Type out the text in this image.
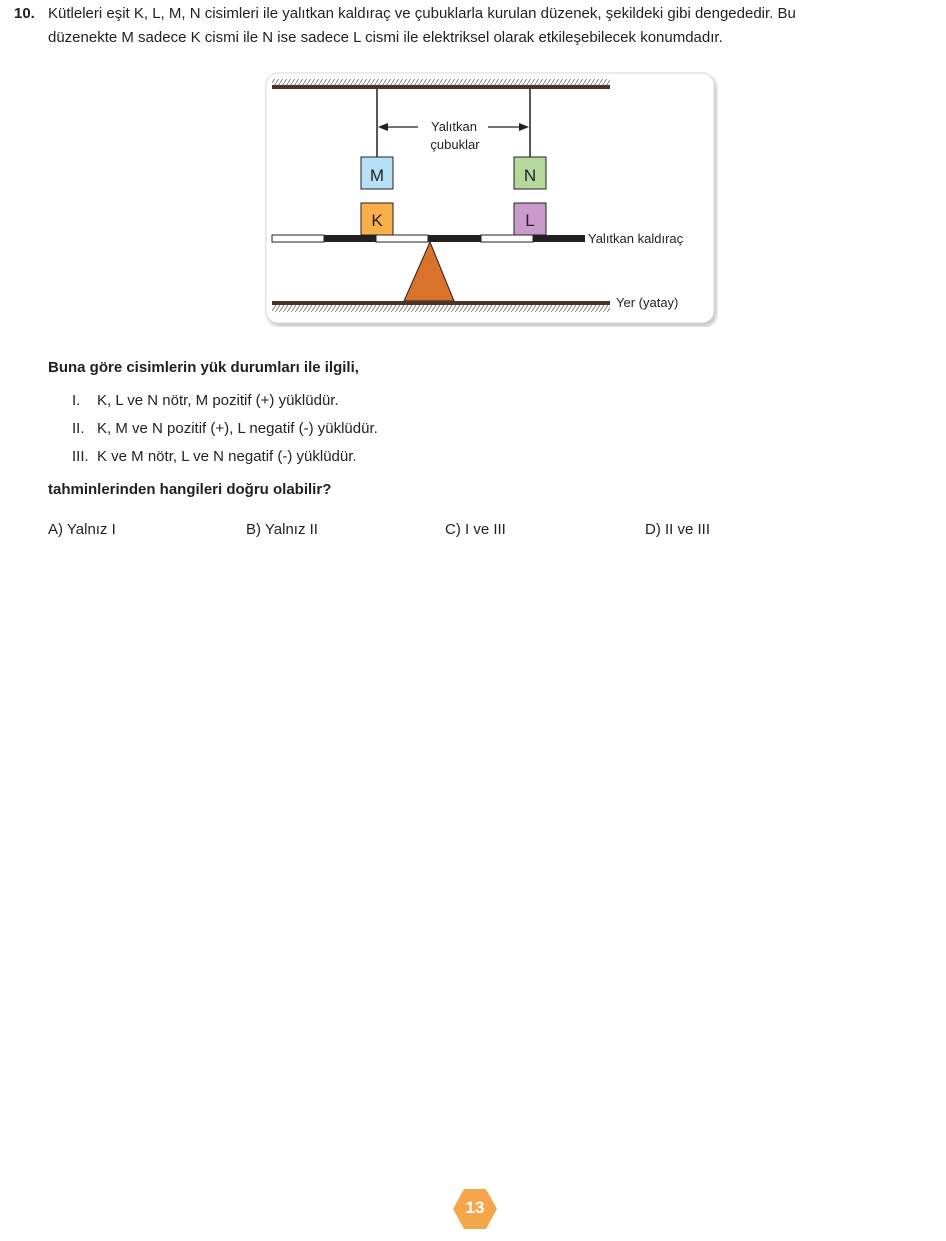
10. Kütleleri eşit K, L, M, N cisimleri ile yalıtkan kaldıraç ve çubuklarla kurulan düzenek, şekildeki gibi dengededir. Bu
düzenekte M sadece K cismi ile N ise sadece L cismi ile elektriksel olarak etkileşebilecek konumdadır.
Yalıtkan
çubuklar
M	N
K	L
Yalıtkan kaldıraç
Yer (yatay)
Buna göre cisimlerin yük durumları ile ilgili,
I. K, L ve N nötr, M pozitif (+) yüklüdür.
II. K, M ve N pozitif (+), L negatif (-) yüklüdür.
III. K ve M nötr, L ve N negatif (-) yüklüdür.
tahminlerinden hangileri doğru olabilir?
A) Yalnız I	B) Yalnız II	C) I ve III	D) II ve III
13
